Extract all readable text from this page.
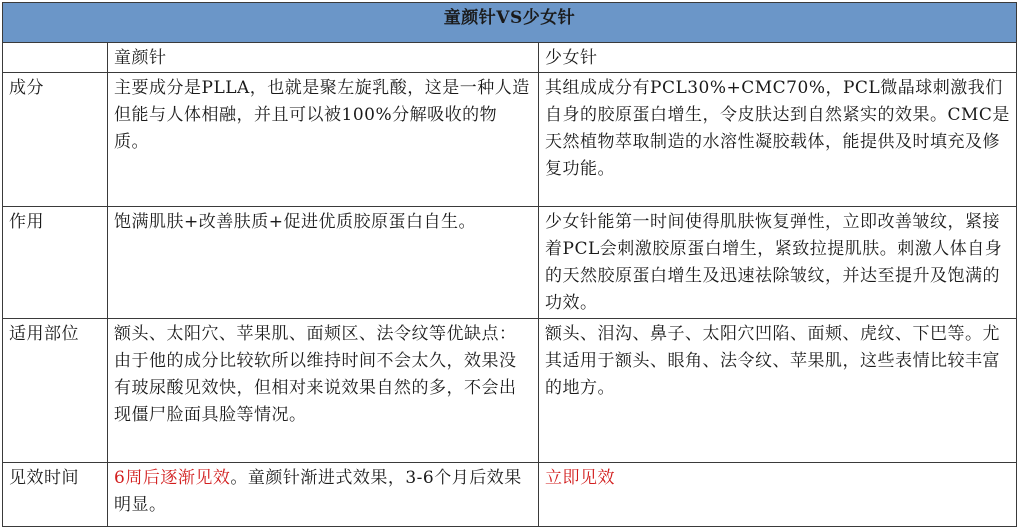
童颜针VS少女针		
	童颜针	少女针
成分	主要成分是PLLA，也就是聚左旋乳酸，这是一种人造但能与人体相融，并且可以被100%分解吸收的物质。	其组成成分有PCL30%+CMC70%，PCL微晶球刺激我们自身的胶原蛋白增生，令皮肤达到自然紧实的效果。CMC是天然植物萃取制造的水溶性凝胶载体，能提供及时填充及修复功能。
作用	饱满肌肤+改善肤质+促进优质胶原蛋白自生。	少女针能第一时间使得肌肤恢复弹性，立即改善皱纹，紧接着PCL会刺激胶原蛋白增生，紧致拉提肌肤。刺激人体自身的天然胶原蛋白增生及迅速祛除皱纹，并达至提升及饱满的功效。
适用部位	额头、太阳穴、苹果肌、面颊区、法令纹等优缺点：由于他的成分比较软所以维持时间不会太久，效果没有玻尿酸见效快，但相对来说效果自然的多，不会出现僵尸脸面具脸等情况。	额头、泪沟、鼻子、太阳穴凹陷、面颊、虎纹、下巴等。尤其适用于额头、眼角、法令纹、苹果肌，这些表情比较丰富的地方。
见效时间	6周后逐渐见效。童颜针渐进式效果，3-6个月后效果明显。	立即见效
